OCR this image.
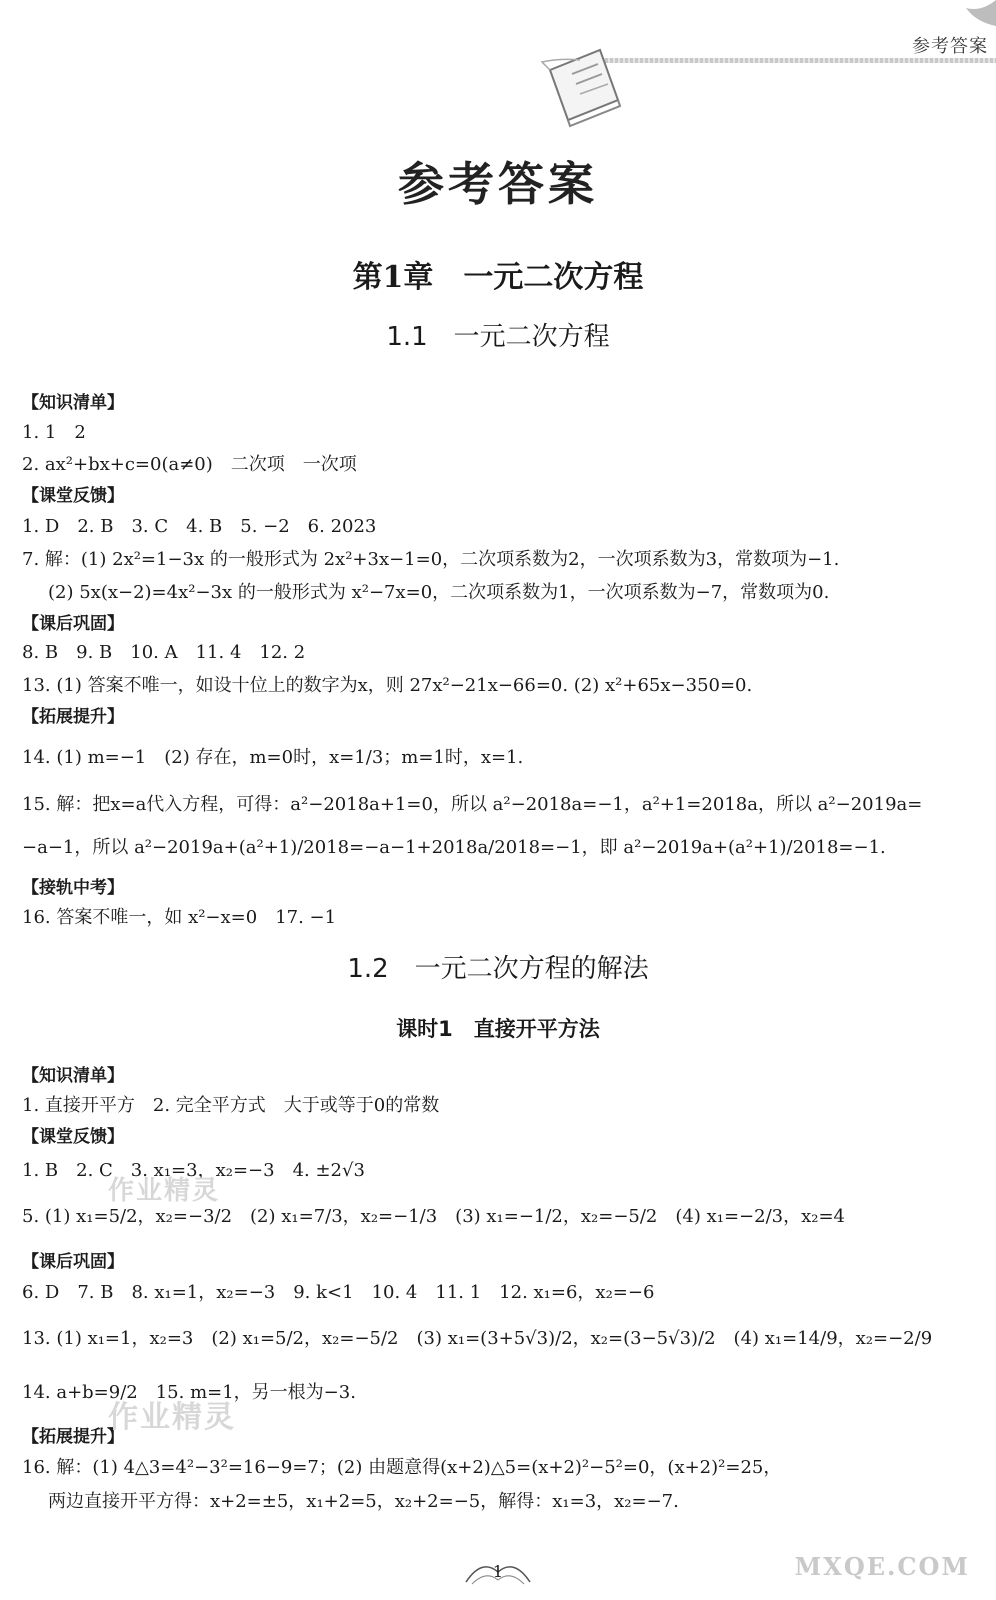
参考答案
参考答案
第1章　一元二次方程
1.1　一元二次方程
【知识清单】
1. 1　2
2. ax²+bx+c=0(a≠0)　二次项　一次项
【课堂反馈】
1. D　2. B　3. C　4. B　5. −2　6. 2023
7. 解：(1) 2x²=1−3x 的一般形式为 2x²+3x−1=0，二次项系数为2，一次项系数为3，常数项为−1.
(2) 5x(x−2)=4x²−3x 的一般形式为 x²−7x=0，二次项系数为1，一次项系数为−7，常数项为0.
【课后巩固】
8. B　9. B　10. A　11. 4　12. 2
13. (1) 答案不唯一，如设十位上的数字为x，则 27x²−21x−66=0. (2) x²+65x−350=0.
【拓展提升】
14. (1) m=−1　(2) 存在，m=0时，x=1/3；m=1时，x=1.
15. 解：把x=a代入方程，可得：a²−2018a+1=0，所以 a²−2018a=−1，a²+1=2018a，所以 a²−2019a=
−a−1，所以 a²−2019a+(a²+1)/2018=−a−1+2018a/2018=−1，即 a²−2019a+(a²+1)/2018=−1.
【接轨中考】
16. 答案不唯一，如 x²−x=0　17. −1
1.2　一元二次方程的解法
课时1　直接开平方法
【知识清单】
1. 直接开平方　2. 完全平方式　大于或等于0的常数
【课堂反馈】
1. B　2. C　3. x₁=3，x₂=−3　4. ±2√3
5. (1) x₁=5/2，x₂=−3/2　(2) x₁=7/3，x₂=−1/3　(3) x₁=−1/2，x₂=−5/2　(4) x₁=−2/3，x₂=4
【课后巩固】
6. D　7. B　8. x₁=1，x₂=−3　9. k<1　10. 4　11. 1　12. x₁=6，x₂=−6
13. (1) x₁=1，x₂=3　(2) x₁=5/2，x₂=−5/2　(3) x₁=(3+5√3)/2，x₂=(3−5√3)/2　(4) x₁=14/9，x₂=−2/9
14. a+b=9/2　15. m=1，另一根为−3.
【拓展提升】
16. 解：(1) 4△3=4²−3²=16−9=7；(2) 由题意得(x+2)△5=(x+2)²−5²=0，(x+2)²=25，
两边直接开平方得：x+2=±5，x₁+2=5，x₂+2=−5，解得：x₁=3，x₂=−7.
作业精灵
作业精灵
MXQE.COM
1
